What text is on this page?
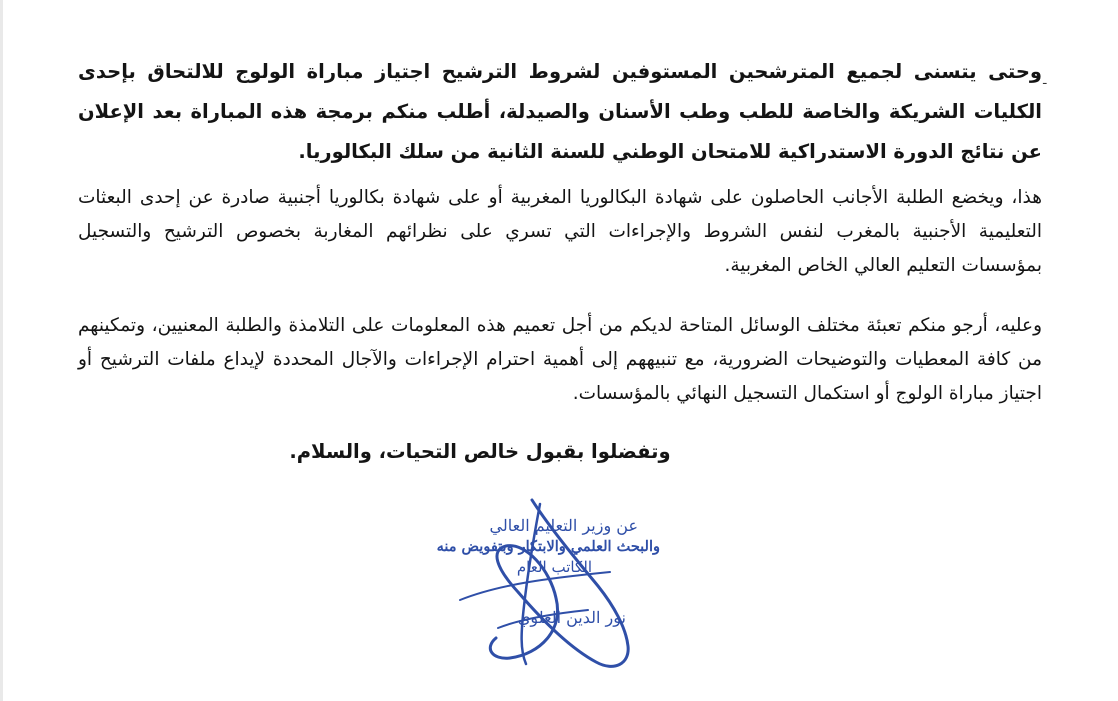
ـ

وحتى يتسنى لجميع المترشحين المستوفين لشروط الترشيح اجتياز مباراة الولوج للالتحاق بإحدى الكليات الشريكة والخاصة للطب وطب الأسنان والصيدلة، أطلب منكم برمجة هذه المباراة بعد الإعلان عن نتائج الدورة الاستدراكية للامتحان الوطني للسنة الثانية من سلك البكالوريا.

هذا، ويخضع الطلبة الأجانب الحاصلون على شهادة البكالوريا المغربية أو على شهادة بكالوريا أجنبية صادرة عن إحدى البعثات التعليمية الأجنبية بالمغرب لنفس الشروط والإجراءات التي تسري على نظرائهم المغاربة بخصوص الترشيح والتسجيل بمؤسسات التعليم العالي الخاص المغربية.

وعليه، أرجو منكم تعبئة مختلف الوسائل المتاحة لديكم من أجل تعميم هذه المعلومات على التلامذة والطلبة المعنيين، وتمكينهم من كافة المعطيات والتوضيحات الضرورية، مع تنبيههم إلى أهمية احترام الإجراءات والآجال المحددة لإيداع ملفات الترشيح أو اجتياز مباراة الولوج أو استكمال التسجيل النهائي بالمؤسسات.

وتفضلوا بقبول خالص التحيات، والسلام.
عن وزير التعليم العالي
والبحث العلمي والابتكار وبتفويض منه
الكاتب العام
نور الدين العلوي
